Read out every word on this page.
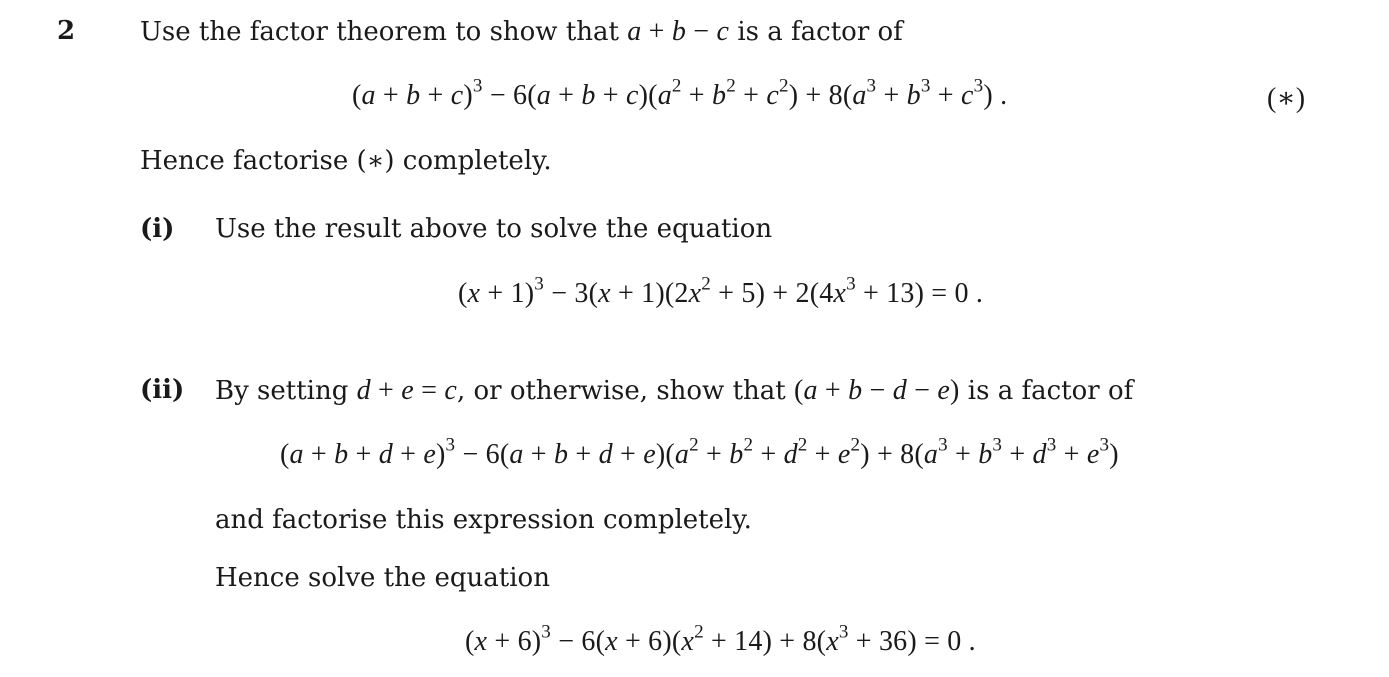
2 Use the factor theorem to show that a + b − c is a factor of
$(a + b + c)^3 - 6(a + b + c)(a^2 + b^2 + c^2) + 8(a^3 + b^3 + c^3)$ .	(∗)
Hence factorise (∗) completely.
(i) Use the result above to solve the equation
$(x + 1)^3 - 3(x + 1)(2x^2 + 5) + 2(4x^3 + 13) = 0$ .
(ii) By setting d + e = c, or otherwise, show that (a + b − d − e) is a factor of
$(a + b + d + e)^3 - 6(a + b + d + e)(a^2 + b^2 + d^2 + e^2) + 8(a^3 + b^3 + d^3 + e^3)$
and factorise this expression completely.
Hence solve the equation
$(x + 6)^3 - 6(x + 6)(x^2 + 14) + 8(x^3 + 36) = 0$ .
